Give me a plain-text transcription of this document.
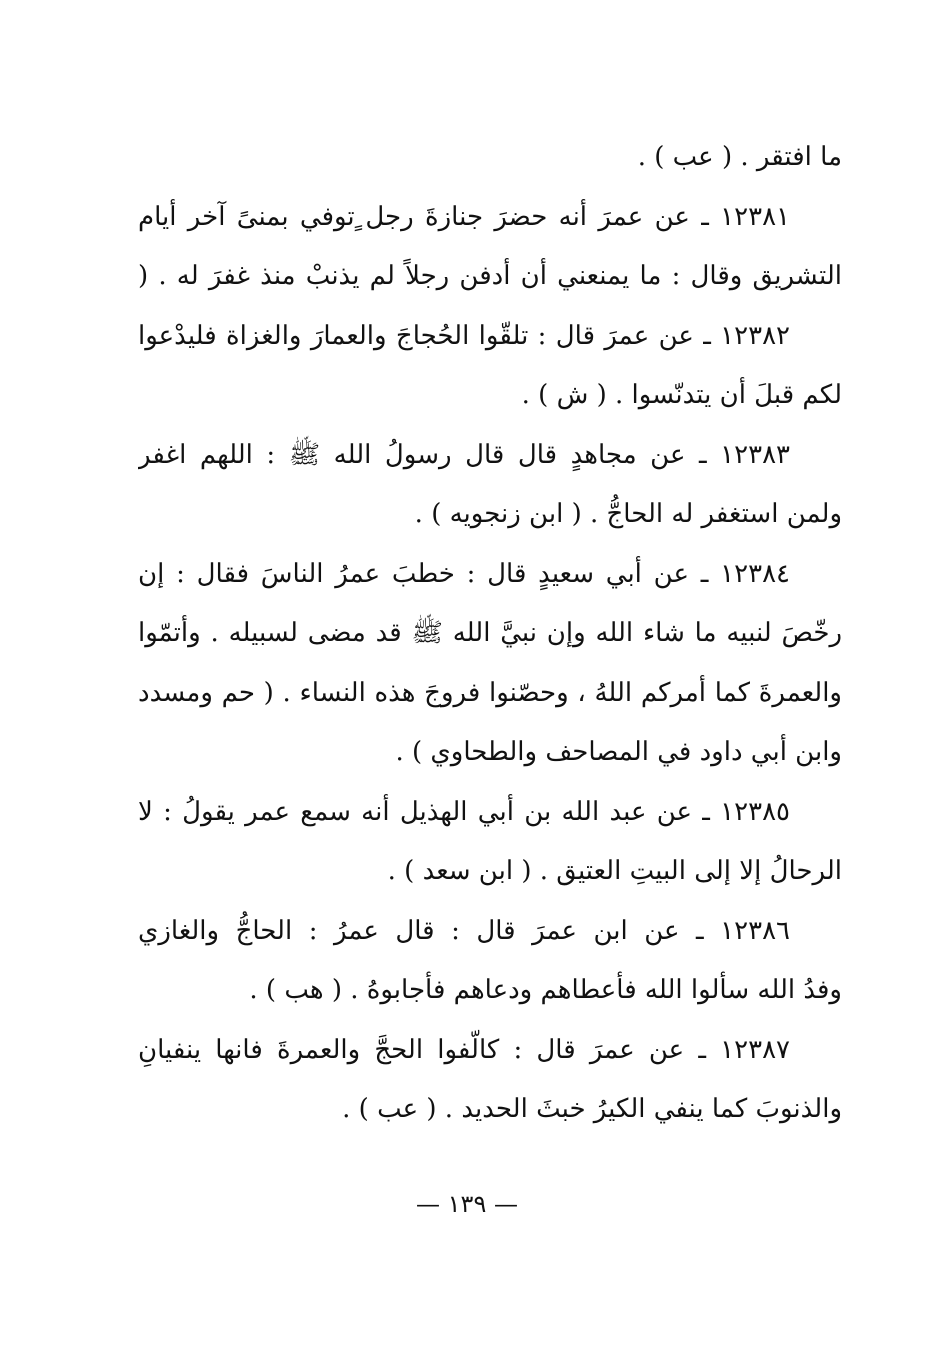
ما افتقر . ( عب ) .
١٢٣٨١ ـ عن عمرَ أنه حضرَ جنازةَ رجل ٍتوفي بمنىً آخر أيام
التشريق وقال : ما يمنعني أن أدفن رجلاً لم يذنبْ منذ غفرَ له . (
١٢٣٨٢ ـ عن عمرَ قال : تلقّوا الحُجاجَ والعمارَ والغزاة فليدْعوا
لكم قبلَ أن يتدنّسوا . ( ش ) .
١٢٣٨٣ ـ عن مجاهدٍ قال قال رسولُ الله ﷺ : اللهم اغفر
ولمن استغفر له الحاجُّ . ( ابن زنجويه ) .
١٢٣٨٤ ـ عن أبي سعيدٍ قال : خطبَ عمرُ الناسَ فقال : إن
رخّصَ لنبيه ما شاء الله وإن نبيَّ الله ﷺ قد مضى لسبيله . وأتمّوا
والعمرةَ كما أمركم اللهُ ، وحصّنوا فروجَ هذه النساء . ( حم ومسدد
وابن أبي داود في المصاحف والطحاوي ) .
١٢٣٨٥ ـ عن عبد الله بن أبي الهذيل أنه سمع عمر يقولُ : لا
الرحالُ إلا إلى البيتِ العتيق . ( ابن سعد ) .
١٢٣٨٦ ـ عن ابن عمرَ قال : قال عمرُ : الحاجُّ والغازي
وفدُ الله سألوا الله فأعطاهم ودعاهم فأجابوهُ . ( هب ) .
١٢٣٨٧ ـ عن عمرَ قال : كالّفوا الحجَّ والعمرةَ فانها ينفيانِ
والذنوبَ كما ينفي الكيرُ خبثَ الحديد . ( عب ) .
— ١٣٩ —
